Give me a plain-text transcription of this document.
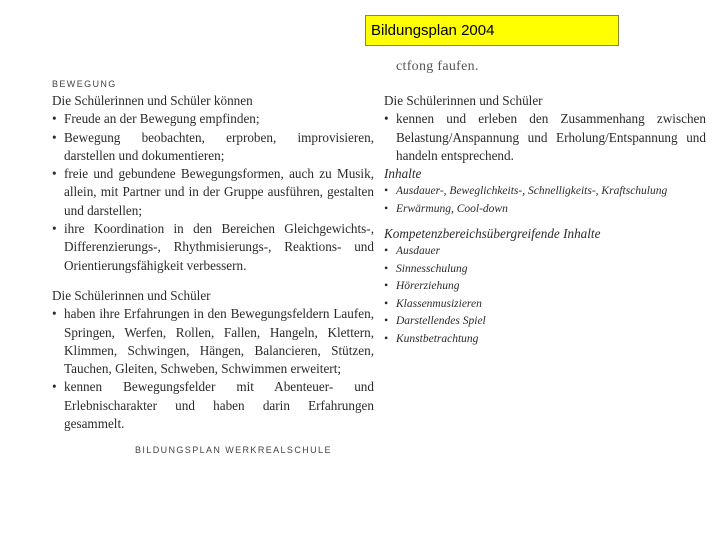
Bildungsplan 2004
ctfong faufen.
BEWEGUNG

Die Schülerinnen und Schüler können

• Freude an der Bewegung empfinden;
• Bewegung beobachten, erproben, improvisieren, darstellen und dokumentieren;
• freie und gebundene Bewegungsformen, auch zu Musik, allein, mit Partner und in der Gruppe ausführen, gestalten und darstellen;
• ihre Koordination in den Bereichen Gleichgewichts-, Differenzierungs-, Rhythmisierungs-, Reaktions- und Orientierungsfähigkeit verbessern.

Die Schülerinnen und Schüler

• haben ihre Erfahrungen in den Bewegungsfeldern Laufen, Springen, Werfen, Rollen, Fallen, Hangeln, Klettern, Klimmen, Schwingen, Hängen, Balancieren, Stützen, Tauchen, Gleiten, Schweben, Schwimmen erweitert;
• kennen Bewegungsfelder mit Abenteuer- und Erlebnischarakter und haben darin Erfahrungen gesammelt.

Die Schülerinnen und Schüler

• kennen und erleben den Zusammenhang zwischen Belastung/Anspannung und Erholung/Entspannung und handeln entsprechend.

Inhalte

• Ausdauer-, Beweglichkeits-, Schnelligkeits-, Kraftschulung
• Erwärmung, Cool-down

Kompetenzbereichsübergreifende Inhalte

• Ausdauer
• Sinnesschulung
• Hörerziehung
• Klassenmusizieren
• Darstellendes Spiel
• Kunstbetrachtung
BILDUNGSPLAN WERKREALSCHULE
